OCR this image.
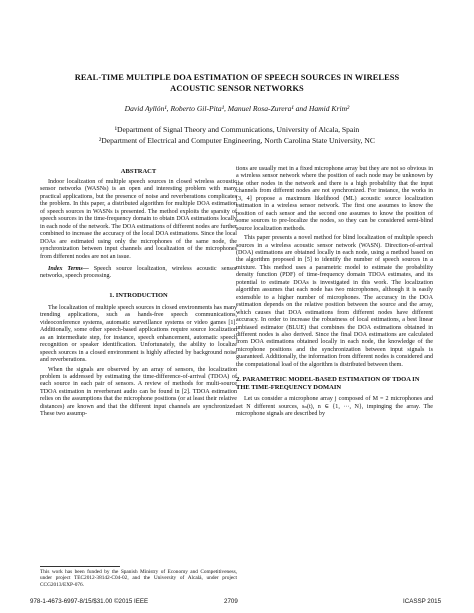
REAL-TIME MULTIPLE DOA ESTIMATION OF SPEECH SOURCES IN WIRELESS
ACOUSTIC SENSOR NETWORKS
David Ayllón¹, Roberto Gil-Pita¹, Manuel Rosa-Zurera¹ and Hamid Krim²
¹Department of Signal Theory and Communications, University of Alcala, Spain
²Department of Electrical and Computer Engineering, North Carolina State University, NC
ABSTRACT

Indoor localization of multiple speech sources in closed wireless acoustic sensor networks (WASNs) is an open and interesting problem with many practical applications, but the presence of noise and reverberations complicates the problem. In this paper, a distributed algorithm for multiple DOA estimation of speech sources in WASNs is presented. The method exploits the sparsity of speech sources in the time-frequency domain to obtain DOA estimations locally in each node of the network. The DOA estimations of different nodes are further combined to increase the accuracy of the local DOA estimations. Since the local DOAs are estimated using only the microphones of the same node, the synchronization between input channels and localization of the microphones from different nodes are not an issue.

Index Terms— Speech source localization, wireless acoustic sensor networks, speech processing.

1. INTRODUCTION

The localization of multiple speech sources in closed environments has many trending applications, such as hands-free speech communications, videoconference systems, automatic surveillance systems or video games [1]. Additionally, some other speech-based applications require source localization as an intermediate step, for instance, speech enhancement, automatic speech recognition or speaker identification. Unfortunately, the ability to localize speech sources in a closed environment is highly affected by background noise and reverberations.

When the signals are observed by an array of sensors, the localization problem is addressed by estimating the time-difference-of-arrival (TDOA) of each source in each pair of sensors. A review of methods for multi-source TDOA estimation in reverberant audio can be found in [2]. TDOA estimation relies on the assumptions that the microphone positions (or at least their relative distances) are known and that the different input channels are synchronized. These two assump-

This work has been funded by the Spanish Ministry of Economy and Competitiveness, under project TEC2012-38142-C04-02, and the University of Alcalá, under project CCG2013/EXP-076.

tions are usually met in a fixed microphone array but they are not so obvious in a wireless sensor network where the position of each node may be unknown by the other nodes in the network and there is a high probability that the input channels from different nodes are not synchronized. For instance, the works in [3, 4] propose a maximum likelihood (ML) acoustic source localization estimation in a wireless sensor network. The first one assumes to know the position of each sensor and the second one assumes to know the position of some sources to pre-localize the nodes, so they can be considered semi-blind source localization methods.

This paper presents a novel method for blind localization of multiple speech sources in a wireless acoustic sensor network (WASN). Direction-of-arrival (DOA) estimations are obtained locally in each node, using a method based on the algorithm proposed in [5] to identify the number of speech sources in a mixture. This method uses a parametric model to estimate the probability density function (PDF) of time-frequency domain TDOA estimates, and its potential to estimate DOAs is investigated in this work. The localization algorithm assumes that each node has two microphones, although it is easily extensible to a higher number of microphones. The accuracy in the DOA estimation depends on the relative position between the source and the array, which causes that DOA estimations from different nodes have different accuracy. In order to increase the robustness of local estimations, a best linear unbiased estimator (BLUE) that combines the DOA estimations obtained in different nodes is also derived. Since the final DOA estimations are calculated from DOA estimations obtained locally in each node, the knowledge of the microphone positions and the synchronization between input signals is guaranteed. Additionally, the information from different nodes is considered and the computational load of the algorithm is distributed between them.

2. PARAMETRIC MODEL-BASED ESTIMATION OF TDOA IN THE TIME-FREQUENCY DOMAIN

Let us consider a microphone array j composed of M = 2 microphones and set N different sources, sₙ(t), n ∈ {1, ···, N}, impinging the array. The microphone signals are described by

978-1-4673-6997-8/15/$31.00 ©2015 IEEE	2709	ICASSP 2015
